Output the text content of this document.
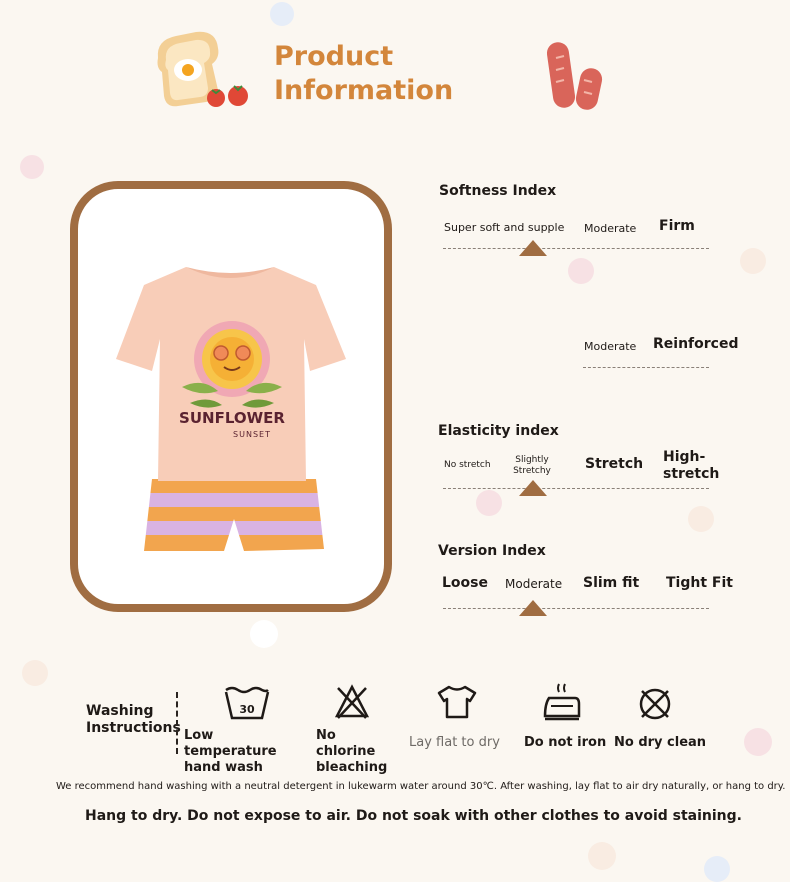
Product
Information
SUNFLOWER
SUNSET
Softness Index
Super soft and supple Moderate Firm
Moderate Reinforced
Elasticity index
No stretch	Slightly Stretchy Stretch High-stretch
Version Index
Loose Moderate Slim fit Tight Fit
Washing Instructions
30
Low temperature hand wash
No chlorine bleaching
Lay flat to dry Do not iron No dry clean
We recommend hand washing with a neutral detergent in lukewarm water around 30℃. After washing, lay flat to air dry naturally, or hang to dry.
Hang to dry. Do not expose to air. Do not soak with other clothes to avoid staining.
